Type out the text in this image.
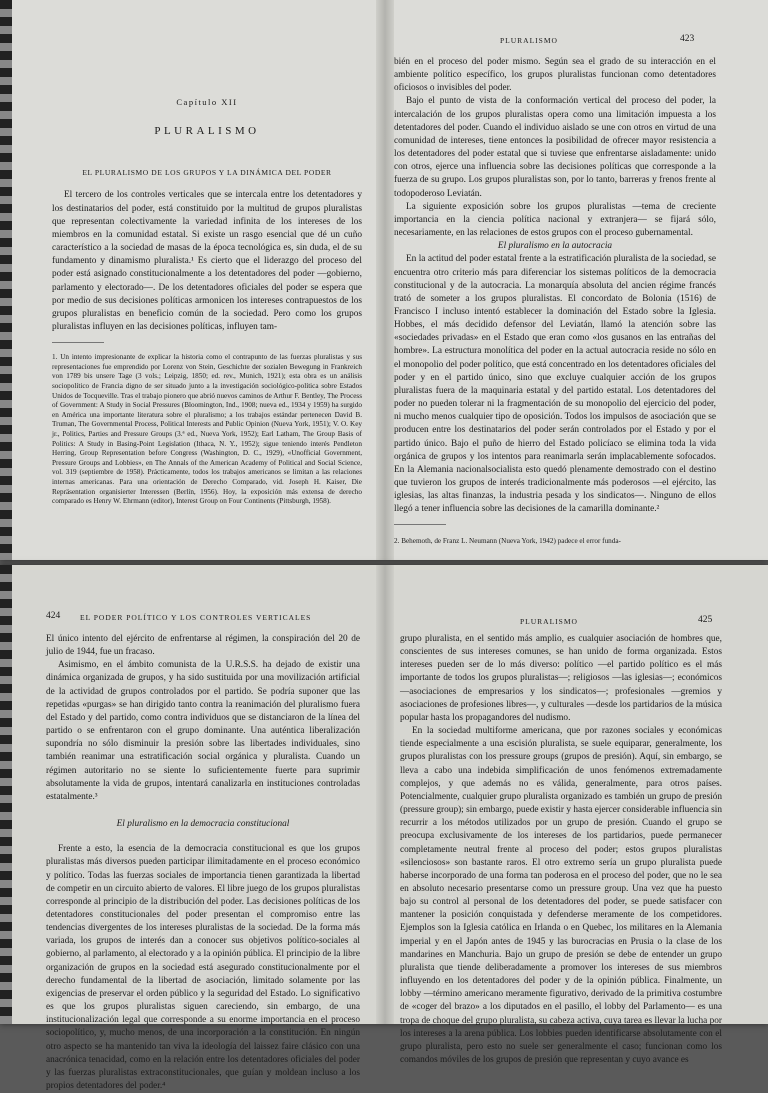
Capítulo XII
PLURALISMO
EL PLURALISMO DE LOS GRUPOS Y LA DINÁMICA DEL PODER

El tercero de los controles verticales que se intercala entre los detentadores y los destinatarios del poder, está constituido por la multitud de grupos pluralistas que representan colectivamente la variedad infinita de los intereses de los miembros en la comunidad estatal. Si existe un rasgo esencial que dé un cuño característico a la sociedad de masas de la época tecnológica es, sin duda, el de su fundamento y dinamismo pluralista.¹ Es cierto que el liderazgo del proceso del poder está asignado constitucionalmente a los detentadores del poder —gobierno, parlamento y electorado—. De los detentadores oficiales del poder se espera que por medio de sus decisiones políticas armonicen los intereses contrapuestos de los grupos pluralistas en beneficio común de la sociedad. Pero como los grupos pluralistas influyen en las decisiones políticas, influyen tam-

1. Un intento impresionante de explicar la historia como el contrapunto de las fuerzas pluralistas y sus representaciones fue emprendido por Lorenz von Stein, Geschichte der sozialen Bewegung in Frankreich von 1789 bis unsere Tage (3 vols.; Leipzig, 1850; ed. rev., Munich, 1921); esta obra es un análisis sociopolítico de Francia digno de ser situado junto a la investigación sociológico-política sobre Estados Unidos de Tocqueville. Tras el trabajo pionero que abrió nuevos caminos de Arthur F. Bentley, The Process of Government: A Study in Social Pressures (Bloomington, Ind., 1908; nueva ed., 1934 y 1959) ha surgido en América una importante literatura sobre el pluralismo; a los trabajos estándar pertenecen David B. Truman, The Governmental Process, Political Interests and Public Opinion (Nueva York, 1951); V. O. Key jr., Politics, Parties and Pressure Groups (3.ª ed., Nueva York, 1952); Earl Latham, The Group Basis of Politics: A Study in Basing-Point Legislation (Ithaca, N. Y., 1952); sigue teniendo interés Pendleton Herring, Group Representation before Congress (Washington, D. C., 1929), «Unofficial Government, Pressure Groups and Lobbies», en The Annals of the American Academy of Political and Social Science, vol. 319 (septiembre de 1958). Prácticamente, todos los trabajos americanos se limitan a las relaciones internas americanas. Para una orientación de Derecho Comparado, vid. Joseph H. Kaiser, Die Repräsentation organisierter Interessen (Berlín, 1956). Hoy, la exposición más extensa de derecho comparado es Henry W. Ehrmann (editor), Interest Group on Four Continents (Pittsburgh, 1958).
PLURALISMO	423

bién en el proceso del poder mismo. Según sea el grado de su interacción en el ambiente político específico, los grupos pluralistas funcionan como detentadores oficiosos o invisibles del poder.

Bajo el punto de vista de la conformación vertical del proceso del poder, la intercalación de los grupos pluralistas opera como una limitación impuesta a los detentadores del poder. Cuando el individuo aislado se une con otros en virtud de una comunidad de intereses, tiene entonces la posibilidad de ofrecer mayor resistencia a los detentadores del poder estatal que si tuviese que enfrentarse aisladamente: unido con otros, ejerce una influencia sobre las decisiones políticas que corresponde a la fuerza de su grupo. Los grupos pluralistas son, por lo tanto, barreras y frenos frente al todopoderoso Leviatán.

La siguiente exposición sobre los grupos pluralistas —tema de creciente importancia en la ciencia política nacional y extranjera— se fijará sólo, necesariamente, en las relaciones de estos grupos con el proceso gubernamental.

El pluralismo en la autocracia

En la actitud del poder estatal frente a la estratificación pluralista de la sociedad, se encuentra otro criterio más para diferenciar los sistemas políticos de la democracia constitucional y de la autocracia. La monarquía absoluta del ancien régime francés trató de someter a los grupos pluralistas. El concordato de Bolonia (1516) de Francisco I incluso intentó establecer la dominación del Estado sobre la Iglesia. Hobbes, el más decidido defensor del Leviatán, llamó la atención sobre las «sociedades privadas» en el Estado que eran como «los gusanos en las entrañas del hombre». La estructura monolítica del poder en la actual autocracia reside no sólo en el monopolio del poder político, que está concentrado en los detentadores oficiales del poder y en el partido único, sino que excluye cualquier acción de los grupos pluralistas fuera de la maquinaria estatal y del partido estatal. Los detentadores del poder no pueden tolerar ni la fragmentación de su monopolio del ejercicio del poder, ni mucho menos cualquier tipo de oposición. Todos los impulsos de asociación que se producen entre los destinatarios del poder serán controlados por el Estado y por el partido único. Bajo el puño de hierro del Estado policíaco se elimina toda la vida orgánica de grupos y los intentos para reanimarla serán implacablemente sofocados. En la Alemania nacionalsocialista esto quedó plenamente demostrado con el destino que tuvieron los grupos de interés tradicionalmente más poderosos —el ejército, las iglesias, las altas finanzas, la industria pesada y los sindicatos—. Ninguno de ellos llegó a tener influencia sobre las decisiones de la camarilla dominante.²

2. Behemoth, de Franz L. Neumann (Nueva York, 1942) padece el error funda-
424	EL PODER POLÍTICO Y LOS CONTROLES VERTICALES

El único intento del ejército de enfrentarse al régimen, la conspiración del 20 de julio de 1944, fue un fracaso.

Asimismo, en el ámbito comunista de la U.R.S.S. ha dejado de existir una dinámica organizada de grupos, y ha sido sustituida por una movilización artificial de la actividad de grupos controlados por el partido. Se podría suponer que las repetidas «purgas» se han dirigido tanto contra la reanimación del pluralismo fuera del Estado y del partido, como contra individuos que se distanciaron de la línea del partido o se enfrentaron con el grupo dominante. Una auténtica liberalización supondría no sólo disminuir la presión sobre las libertades individuales, sino también reanimar una estratificación social orgánica y pluralista. Cuando un régimen autoritario no se siente lo suficientemente fuerte para suprimir absolutamente la vida de grupos, intentará canalizarla en instituciones controladas estatalmente.³

El pluralismo en la democracia constitucional

Frente a esto, la esencia de la democracia constitucional es que los grupos pluralistas más diversos pueden participar ilimitadamente en el proceso económico y político. Todas las fuerzas sociales de importancia tienen garantizada la libertad de competir en un circuito abierto de valores. El libre juego de los grupos pluralistas corresponde al principio de la distribución del poder. Las decisiones políticas de los detentadores constitucionales del poder presentan el compromiso entre las tendencias divergentes de los intereses pluralistas de la sociedad. De la forma más variada, los grupos de interés dan a conocer sus objetivos político-sociales al gobierno, al parlamento, al electorado y a la opinión pública. El principio de la libre organización de grupos en la sociedad está asegurado constitucionalmente por el derecho fundamental de la libertad de asociación, limitado solamente por las exigencias de preservar el orden público y la seguridad del Estado. Lo significativo es que los grupos pluralistas siguen careciendo, sin embargo, de una institucionalización legal que corresponde a su enorme importancia en el proceso sociopolítico, y, mucho menos, de una incorporación a la constitución. En ningún otro aspecto se ha mantenido tan viva la ideología del laissez faire clásico con una anacrónica tenacidad, como en la relación entre los detentadores oficiales del poder y las fuerzas pluralistas extraconstitucionales, que guían y moldean incluso a los propios detentadores del poder.⁴

PLURALISMO	425

grupo pluralista, en el sentido más amplio, es cualquier asociación de hombres que, conscientes de sus intereses comunes, se han unido de forma organizada. Estos intereses pueden ser de lo más diverso: político —el partido político es el más importante de todos los grupos pluralistas—; religiosos —las iglesias—; económicos —asociaciones de empresarios y los sindicatos—; profesionales —gremios y asociaciones de profesiones libres—, y culturales —desde los partidarios de la música popular hasta los propagandores del nudismo.

En la sociedad multiforme americana, que por razones sociales y económicas tiende especialmente a una escisión pluralista, se suele equiparar, generalmente, los grupos pluralistas con los pressure groups (grupos de presión). Aquí, sin embargo, se lleva a cabo una indebida simplificación de unos fenómenos extremadamente complejos, y que además no es válida, generalmente, para otros países. Potencialmente, cualquier grupo pluralista organizado es también un grupo de presión (pressure group); sin embargo, puede existir y hasta ejercer considerable influencia sin recurrir a los métodos utilizados por un grupo de presión. Cuando el grupo se preocupa exclusivamente de los intereses de los partidarios, puede permanecer completamente neutral frente al proceso del poder; estos grupos pluralistas «silenciosos» son bastante raros. El otro extremo sería un grupo pluralista puede haberse incorporado de una forma tan poderosa en el proceso del poder, que no le sea en absoluto necesario presentarse como un pressure group. Una vez que ha puesto bajo su control al personal de los detentadores del poder, se puede satisfacer con mantener la posición conquistada y defenderse meramente de los competidores. Ejemplos son la Iglesia católica en Irlanda o en Quebec, los militares en la Alemania imperial y en el Japón antes de 1945 y las burocracias en Prusia o la clase de los mandarines en Manchuria. Bajo un grupo de presión se debe de entender un grupo pluralista que tiende deliberadamente a promover los intereses de sus miembros influyendo en los detentadores del poder y de la opinión pública. Finalmente, un lobby —término americano meramente figurativo, derivado de la primitiva costumbre de «coger del brazo» a los diputados en el pasillo, el lobby del Parlamento— es una tropa de choque del grupo pluralista, su cabeza activa, cuya tarea es llevar la lucha por los intereses a la arena pública. Los lobbies pueden identificarse absolutamente con el grupo pluralista, pero esto no suele ser generalmente el caso; funcionan como los comandos móviles de los grupos de presión que representan y cuyo avance es
